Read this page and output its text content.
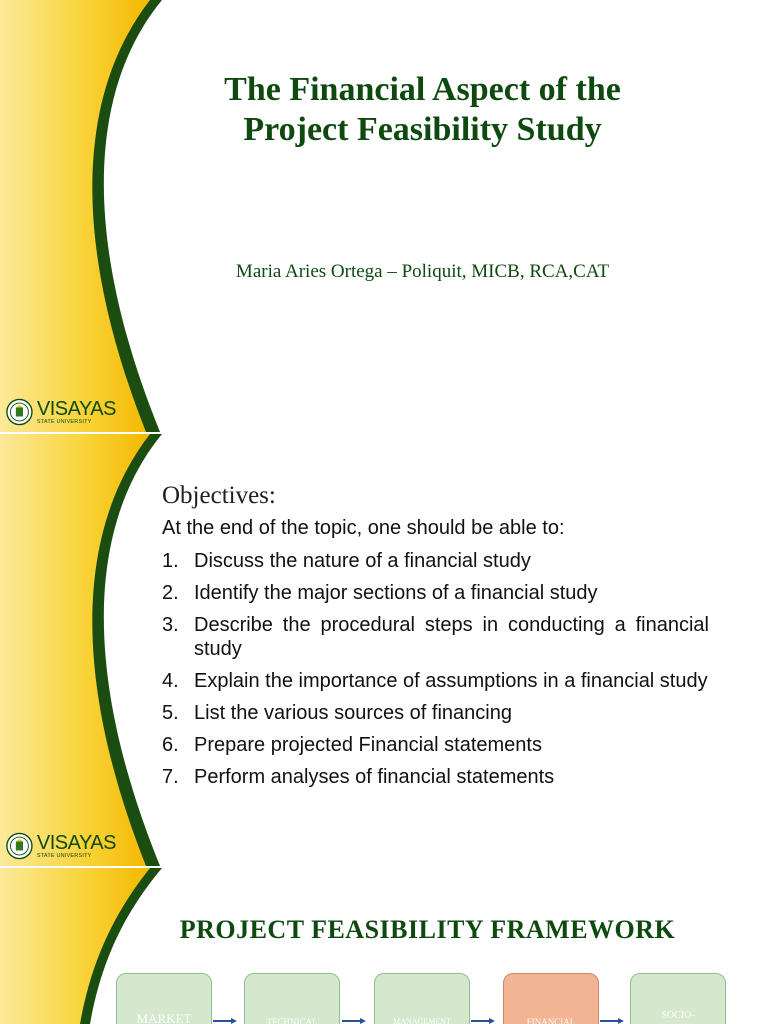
The Financial Aspect of the
Project Feasibility Study
Maria Aries Ortega – Poliquit, MICB, RCA,CAT
VISAYAS
STATE UNIVERSITY
Objectives:
At the end of the topic, one should be able to:
1. Discuss the nature of a financial study
2. Identify the major sections of a financial study
3. Describe the procedural steps in conducting a financial study
4. Explain the importance of assumptions in a financial study
5. List the various sources of financing
6. Prepare projected Financial statements
7. Perform analyses of financial statements
VISAYAS
STATE UNIVERSITY
PROJECT FEASIBILITY FRAMEWORK
MARKET	TECHNICAL	MANAGEMENT	FINANCIAL
SOCIO-
